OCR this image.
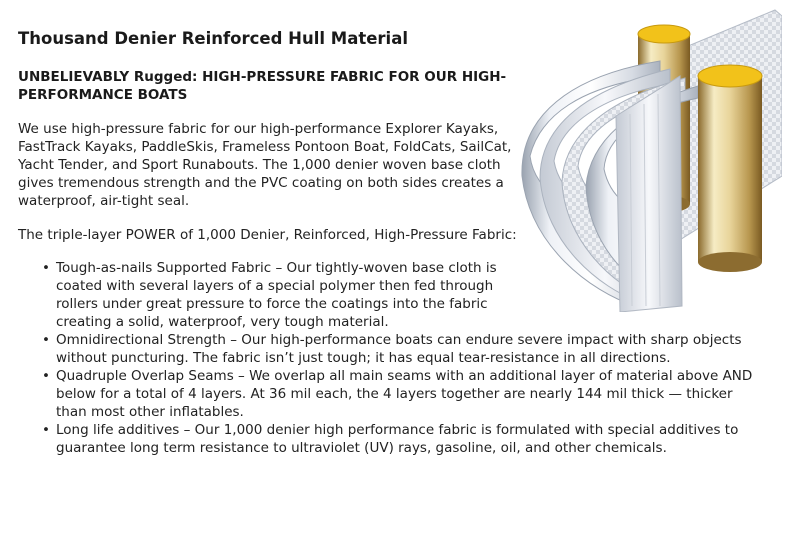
Thousand Denier Reinforced Hull Material
UNBELIEVABLY Rugged: HIGH-PRESSURE FABRIC FOR OUR HIGH-PERFORMANCE BOATS

We use high-pressure fabric for our high-performance Explorer Kayaks, FastTrack Kayaks, PaddleSkis, Frameless Pontoon Boat, FoldCats, SailCat, Yacht Tender, and Sport Runabouts. The 1,000 denier woven base cloth gives tremendous strength and the PVC coating on both sides creates a waterproof, air-tight seal.

The triple-layer POWER of 1,000 Denier, Reinforced, High-Pressure Fabric:

• Tough-as-nails Supported Fabric – Our tightly-woven base cloth is coated with several layers of a special polymer then fed through rollers under great pressure to force the coatings into the fabric creating a solid, waterproof, very tough material.
• Omnidirectional Strength – Our high-performance boats can endure severe impact with sharp objects without puncturing. The fabric isn’t just tough; it has equal tear-resistance in all directions.
• Quadruple Overlap Seams – We overlap all main seams with an additional layer of material above AND below for a total of 4 layers. At 36 mil each, the 4 layers together are nearly 144 mil thick — thicker than most other inflatables.
• Long life additives – Our 1,000 denier high performance fabric is formulated with special additives to guarantee long term resistance to ultraviolet (UV) rays, gasoline, oil, and other chemicals.
